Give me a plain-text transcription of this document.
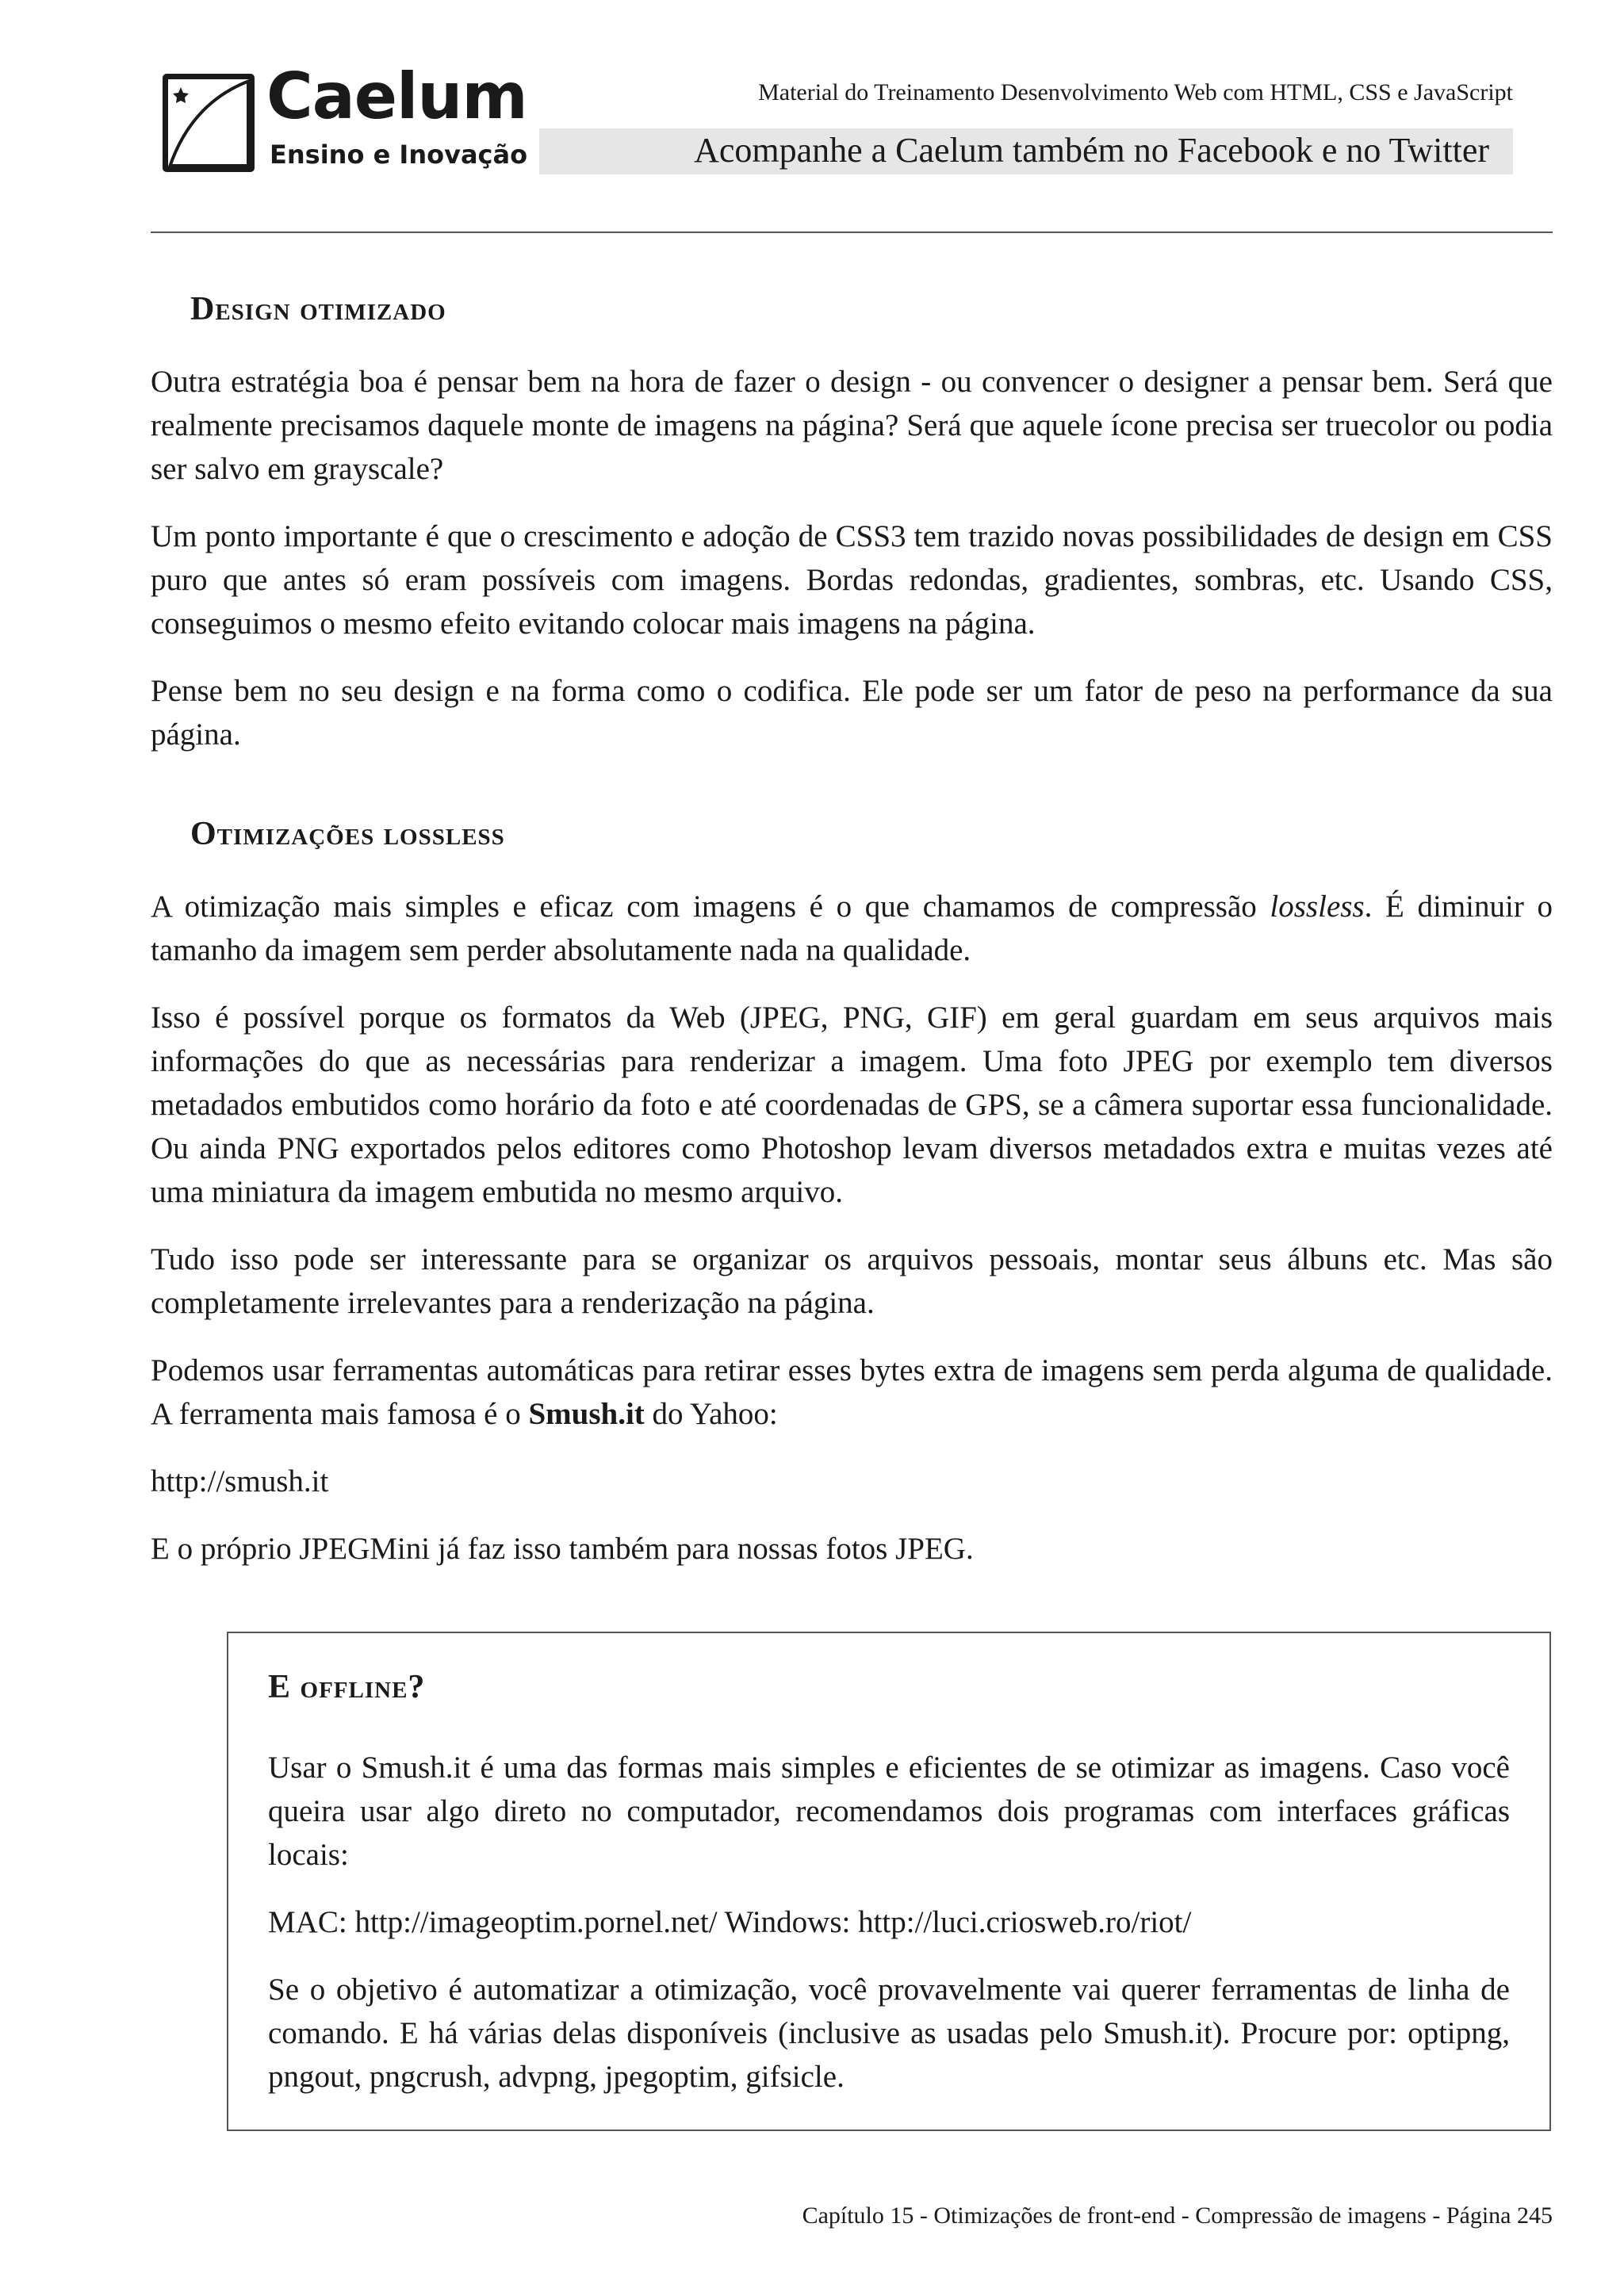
Caelum
Ensino e Inovação
Material do Treinamento Desenvolvimento Web com HTML, CSS e JavaScript
Acompanhe a Caelum também no Facebook e no Twitter
Design otimizado

Outra estratégia boa é pensar bem na hora de fazer o design - ou convencer o designer a pensar bem. Será que realmente precisamos daquele monte de imagens na página? Será que aquele ícone precisa ser truecolor ou podia ser salvo em grayscale?

Um ponto importante é que o crescimento e adoção de CSS3 tem trazido novas possibilidades de design em CSS puro que antes só eram possíveis com imagens. Bordas redondas, gradientes, sombras, etc. Usando CSS, conseguimos o mesmo efeito evitando colocar mais imagens na página.

Pense bem no seu design e na forma como o codifica. Ele pode ser um fator de peso na performance da sua página.

Otimizações lossless

A otimização mais simples e eficaz com imagens é o que chamamos de compressão lossless. É diminuir o tamanho da imagem sem perder absolutamente nada na qualidade.

Isso é possível porque os formatos da Web (JPEG, PNG, GIF) em geral guardam em seus arquivos mais informações do que as necessárias para renderizar a imagem. Uma foto JPEG por exemplo tem diversos metadados embutidos como horário da foto e até coordenadas de GPS, se a câmera suportar essa funcionalidade. Ou ainda PNG exportados pelos editores como Photoshop levam diversos metadados extra e muitas vezes até uma miniatura da imagem embutida no mesmo arquivo.

Tudo isso pode ser interessante para se organizar os arquivos pessoais, montar seus álbuns etc. Mas são completamente irrelevantes para a renderização na página.

Podemos usar ferramentas automáticas para retirar esses bytes extra de imagens sem perda alguma de qualidade. A ferramenta mais famosa é o Smush.it do Yahoo:

http://smush.it

E o próprio JPEGMini já faz isso também para nossas fotos JPEG.

E offline?

Usar o Smush.it é uma das formas mais simples e eficientes de se otimizar as imagens. Caso você queira usar algo direto no computador, recomendamos dois programas com interfaces gráficas locais:

MAC: http://imageoptim.pornel.net/ Windows: http://luci.criosweb.ro/riot/

Se o objetivo é automatizar a otimização, você provavelmente vai querer ferramentas de linha de comando. E há várias delas disponíveis (inclusive as usadas pelo Smush.it). Procure por: optipng, pngout, pngcrush, advpng, jpegoptim, gifsicle.

Capítulo 15 - Otimizações de front-end - Compressão de imagens - Página 245
